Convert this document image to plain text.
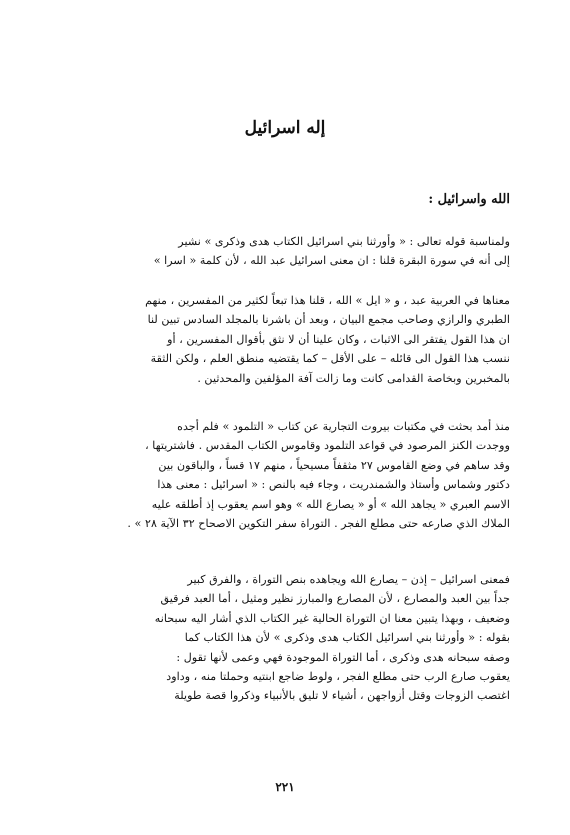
إله اسرائيل
الله واسرائيل :

ولمناسبة قوله تعالى : « وأورثنا بني اسرائيل الكتاب هدى وذكرى » نشير
إلى أنه في سورة البقرة قلنا : ان معنى اسرائيل عبد الله ، لأن كلمة « اسرا »

معناها في العربية عبد ، و « ايل » الله ، قلنا هذا تبعاً لكثير من المفسرين ، منهم
الطبري والرازي وصاحب مجمع البيان ، وبعد أن باشرنا بالمجلد السادس تبين لنا
ان هذا القول يفتقر الى الاثبات ، وكان علينا أن لا نثق بأقوال المفسرين ، أو
ننسب هذا القول الى قائله – على الأقل – كما يقتضيه منطق العلم ، ولكن الثقة
بالمخبرين وبخاصة القدامى كانت وما زالت آفة المؤلفين والمحدثين .

منذ أمد بحثت في مكتبات بيروت التجارية عن كتاب « التلمود » فلم أجده
ووجدت الكنز المرصود في قواعد التلمود وقاموس الكتاب المقدس . فاشتريتها ،
وقد ساهم في وضع القاموس ٢٧ مثقفاً مسيحياً ، منهم ١٧ قساً ، والباقون بين
دكتور وشماس وأستاذ والشمندريت ، وجاء فيه بالنص : « اسرائيل : معنى هذا
الاسم العبري « يجاهد الله » أو « يصارع الله » وهو اسم يعقوب إذ أطلقه عليه
الملاك الذي صارعه حتى مطلع الفجر . التوراة سفر التكوين الاصحاح ٣٢ الآية ٢٨ » .

فمعنى اسرائيل – إذن – يصارع الله ويجاهده بنص التوراة ، والفرق كبير
جداً بين العبد والمصارع ، لأن المصارع والمبارز نظير ومثيل ، أما العبد فرقيق
وضعيف ، وبهذا يتبين معنا ان التوراة الحالية غير الكتاب الذي أشار اليه سبحانه
بقوله : « وأورثنا بني اسرائيل الكتاب هدى وذكرى » لأن هذا الكتاب كما
وصفه سبحانه هدى وذكرى ، أما التوراة الموجودة فهي وعمى لأنها تقول :
يعقوب صارع الرب حتى مطلع الفجر ، ولوط ضاجع ابنتيه وحملتا منه ، وداود
اغتصب الزوجات وقتل أزواجهن ، أشياء لا تليق بالأنبياء وذكروا قصة طويلة

٢٢١
